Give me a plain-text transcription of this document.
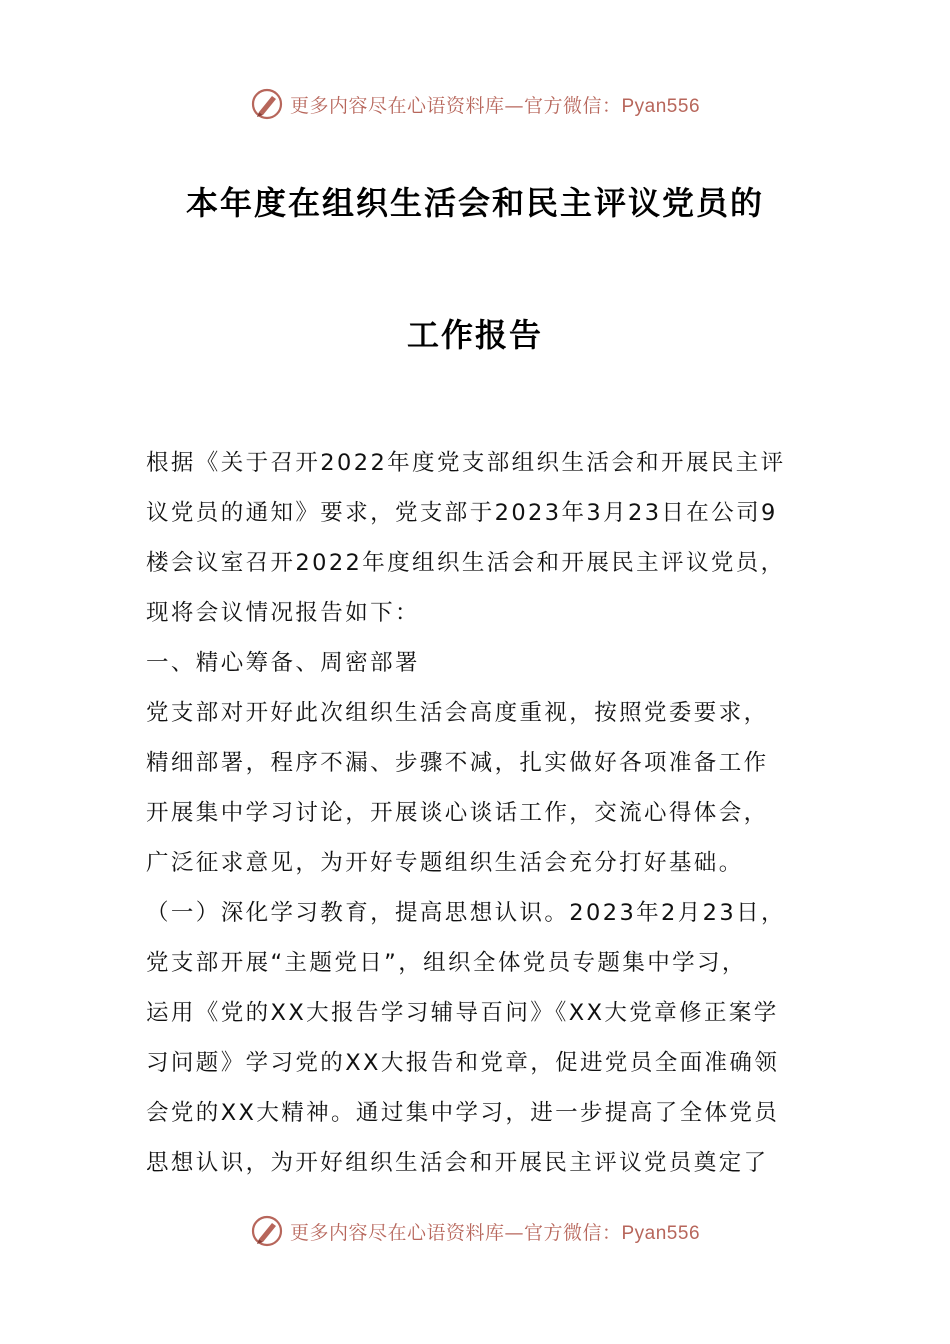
更多内容尽在心语资料库—官方微信：Pyan556
本年度在组织生活会和民主评议党员的
工作报告
根据《关于召开2022年度党支部组织生活会和开展民主评
议党员的通知》要求，党支部于2023年3月23日在公司9
楼会议室召开2022年度组织生活会和开展民主评议党员，
现将会议情况报告如下：
一、精心筹备、周密部署
党支部对开好此次组织生活会高度重视，按照党委要求，
精细部署，程序不漏、步骤不减，扎实做好各项准备工作
开展集中学习讨论，开展谈心谈话工作，交流心得体会，
广泛征求意见，为开好专题组织生活会充分打好基础。
（一）深化学习教育，提高思想认识。2023年2月23日，
党支部开展“主题党日”，组织全体党员专题集中学习，
运用《党的XX大报告学习辅导百问》《XX大党章修正案学
习问题》学习党的XX大报告和党章，促进党员全面准确领
会党的XX大精神。通过集中学习，进一步提高了全体党员
思想认识，为开好组织生活会和开展民主评议党员奠定了
更多内容尽在心语资料库—官方微信：Pyan556
